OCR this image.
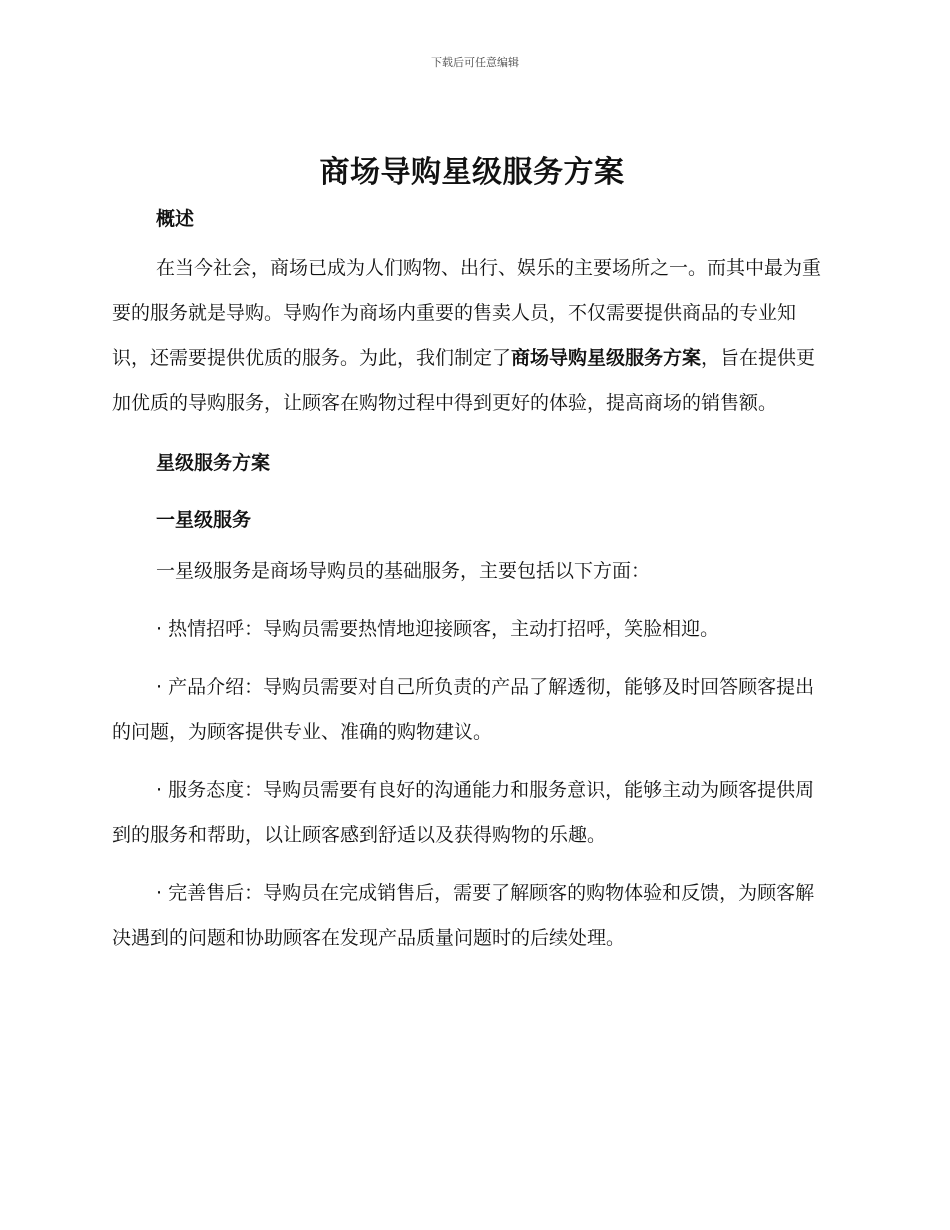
下载后可任意编辑
商场导购星级服务方案
概述

在当今社会，商场已成为人们购物、出行、娱乐的主要场所之一。而其中最为重要的服务就是导购。导购作为商场内重要的售卖人员，不仅需要提供商品的专业知识，还需要提供优质的服务。为此，我们制定了商场导购星级服务方案，旨在提供更加优质的导购服务，让顾客在购物过程中得到更好的体验，提高商场的销售额。

星级服务方案
一星级服务

一星级服务是商场导购员的基础服务，主要包括以下方面：

· 热情招呼：导购员需要热情地迎接顾客，主动打招呼，笑脸相迎。

· 产品介绍：导购员需要对自己所负责的产品了解透彻，能够及时回答顾客提出的问题，为顾客提供专业、准确的购物建议。

· 服务态度：导购员需要有良好的沟通能力和服务意识，能够主动为顾客提供周到的服务和帮助，以让顾客感到舒适以及获得购物的乐趣。

· 完善售后：导购员在完成销售后，需要了解顾客的购物体验和反馈，为顾客解决遇到的问题和协助顾客在发现产品质量问题时的后续处理。
